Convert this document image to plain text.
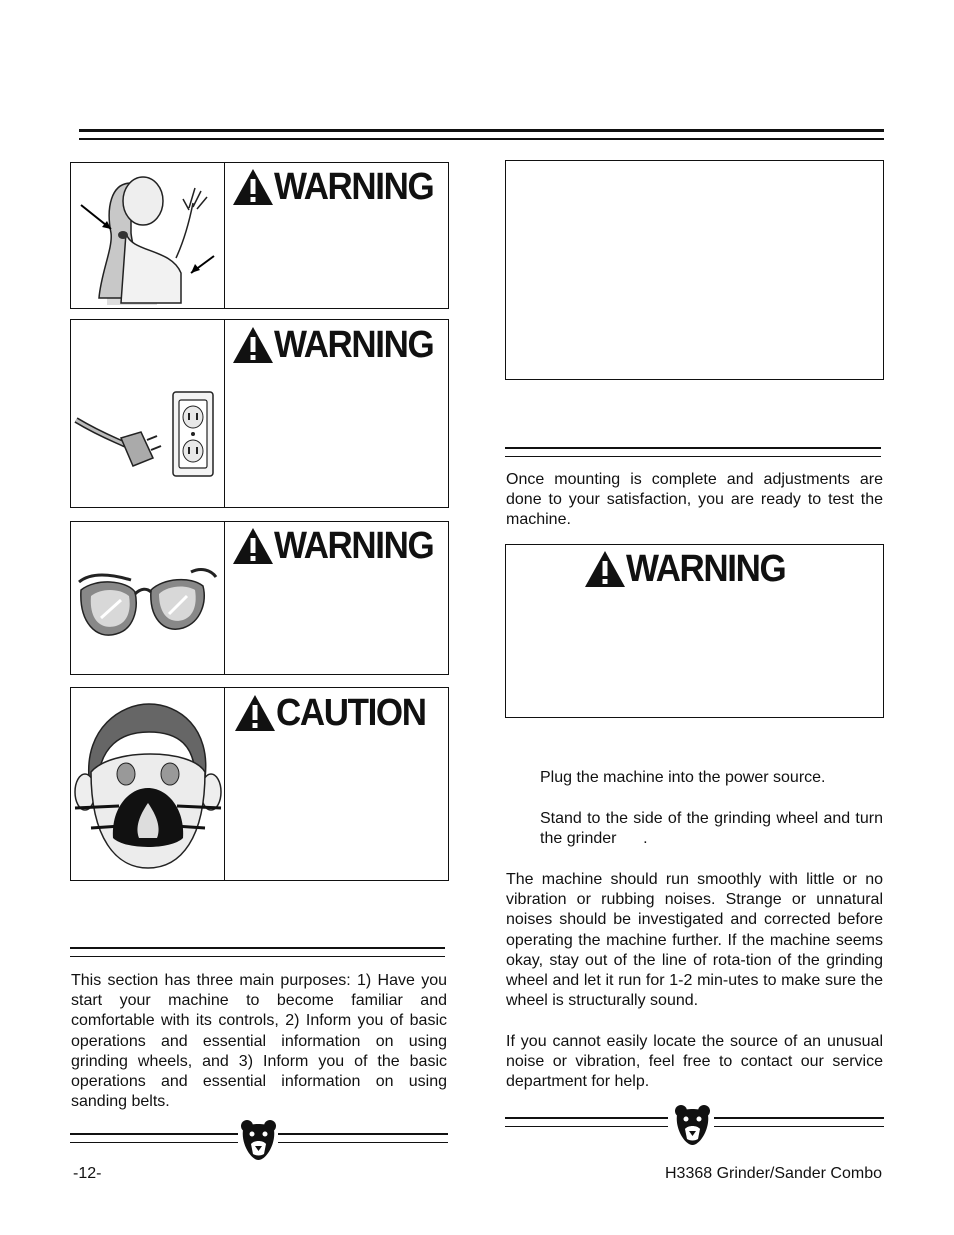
WARNING
WARNING
WARNING
CAUTION
This section has three main purposes: 1) Have you start your machine to become familiar and comfortable with its controls, 2) Inform you of basic operations and essential information on using grinding wheels, and 3) Inform you of the basic operations and essential information on using sanding belts.
Once mounting is complete and adjustments are done to your satisfaction, you are ready to test the machine.
WARNING
Plug the machine into the power source.
Stand to the side of the grinding wheel and turn the grinder      .
The machine should run smoothly with little or no vibration or rubbing noises. Strange or unnatural noises should be investigated and corrected before operating the machine further. If the machine seems okay, stay out of the line of rota-tion of the grinding wheel and let it run for 1-2 min-utes to make sure the wheel is structurally sound.
If you cannot easily locate the source of an unusual noise or vibration, feel free to contact our service department for help.
-12-	H3368 Grinder/Sander Combo
